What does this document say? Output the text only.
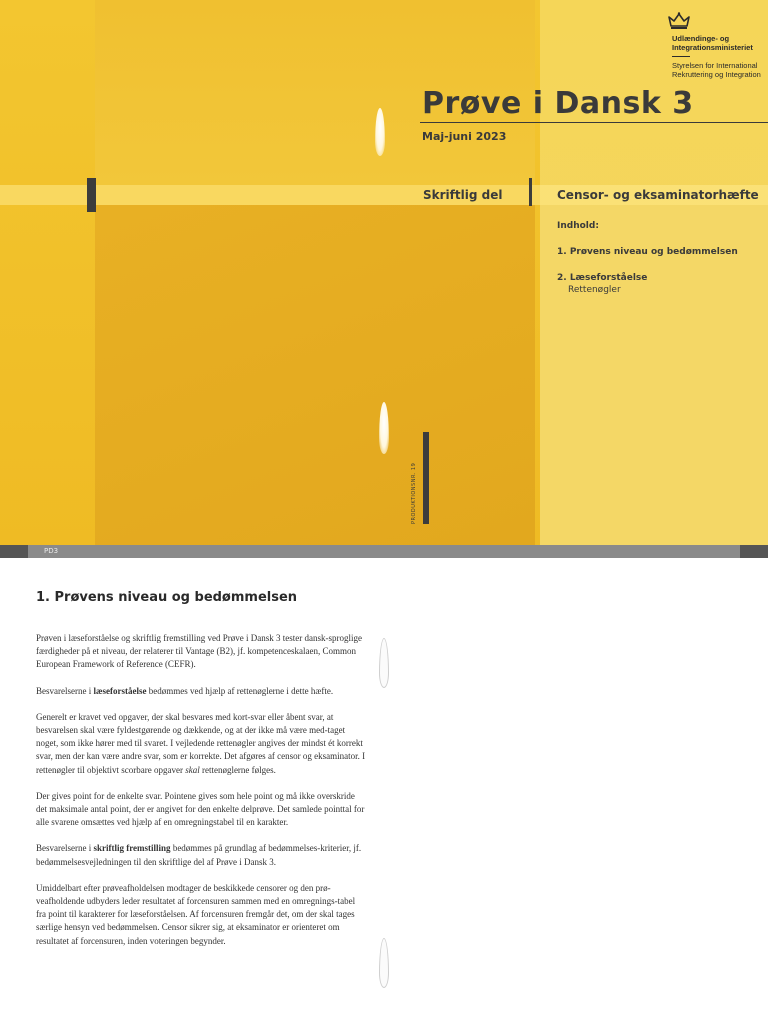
Udlændinge- og
Integrationsministeriet
Styrelsen for International
Rekruttering og Integration
Prøve i Dansk 3
Maj-juni 2023
Skriftlig del	Censor- og eksaminatorhæfte
Indhold:
1. Prøvens niveau og bedømmelsen
2. Læseforståelse
Rettenøgler
PRODUKTIONSNR. 19
PD3
1. Prøvens niveau og bedømmelsen

Prøven i læseforståelse og skriftlig fremstilling ved Prøve i Dansk 3 tester dansk-sproglige færdigheder på et niveau, der relaterer til Vantage (B2), jf. kompetenceskalaen, Common European Framework of Reference (CEFR).

Besvarelserne i læseforståelse bedømmes ved hjælp af rettenøglerne i dette hæfte.

Generelt er kravet ved opgaver, der skal besvares med kort-svar eller åbent svar, at besvarelsen skal være fyldestgørende og dækkende, og at der ikke må være med-taget noget, som ikke hører med til svaret. I vejledende rettenøgler angives der mindst ét korrekt svar, men der kan være andre svar, som er korrekte. Det afgøres af censor og eksaminator. I rettenøgler til objektivt scorbare opgaver skal rettenøglerne følges.

Der gives point for de enkelte svar. Pointene gives som hele point og må ikke overskride det maksimale antal point, der er angivet for den enkelte delprøve. Det samlede pointtal for alle svarene omsættes ved hjælp af en omregningstabel til en karakter.

Besvarelserne i skriftlig fremstilling bedømmes på grundlag af bedømmelses-kriterier, jf. bedømmelsesvejledningen til den skriftlige del af Prøve i Dansk 3.

Umiddelbart efter prøveafholdelsen modtager de beskikkede censorer og den prø-veafholdende udbyders leder resultatet af forcensuren sammen med en omregnings-tabel fra point til karakterer for læseforståelsen. Af forcensuren fremgår det, om der skal tages særlige hensyn ved bedømmelsen. Censor sikrer sig, at eksaminator er orienteret om resultatet af forcensuren, inden voteringen begynder.
